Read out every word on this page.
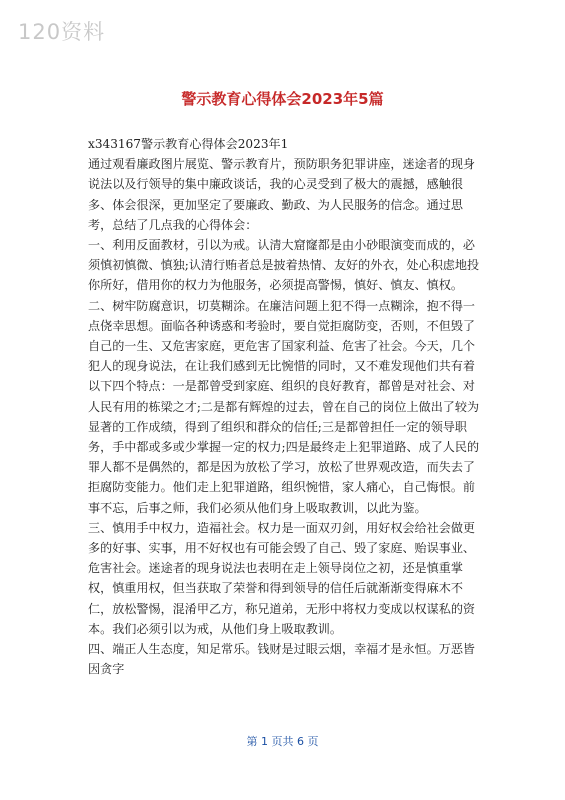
120资料
警示教育心得体会2023年5篇

x343167警示教育心得体会2023年1

通过观看廉政图片展览、警示教育片，预防职务犯罪讲座，迷途者的现身说法以及行领导的集中廉政谈话，我的心灵受到了极大的震撼，感触很多、体会很深，更加坚定了要廉政、勤政、为人民服务的信念。通过思考，总结了几点我的心得体会：

一、利用反面教材，引以为戒。认清大窟窿都是由小砂眼演变而成的，必须慎初慎微、慎独;认清行贿者总是披着热情、友好的外衣，处心积虑地投你所好，借用你的权力为他服务，必须提高警惕，慎好、慎友、慎权。

二、树牢防腐意识，切莫糊涂。在廉洁问题上犯不得一点糊涂，抱不得一点侥幸思想。面临各种诱惑和考验时，要自觉拒腐防变，否则，不但毁了自己的一生、又危害家庭，更危害了国家利益、危害了社会。今天，几个犯人的现身说法，在让我们感到无比惋惜的同时，又不难发现他们共有着以下四个特点：一是都曾受到家庭、组织的良好教育，都曾是对社会、对人民有用的栋梁之才;二是都有辉煌的过去，曾在自己的岗位上做出了较为显著的工作成绩，得到了组织和群众的信任;三是都曾担任一定的领导职务，手中都或多或少掌握一定的权力;四是最终走上犯罪道路、成了人民的罪人都不是偶然的，都是因为放松了学习，放松了世界观改造，而失去了拒腐防变能力。他们走上犯罪道路，组织惋惜，家人痛心，自己悔恨。前事不忘，后事之师，我们必须从他们身上吸取教训，以此为鉴。

三、慎用手中权力，造福社会。权力是一面双刃剑，用好权会给社会做更多的好事、实事，用不好权也有可能会毁了自己、毁了家庭、贻误事业、危害社会。迷途者的现身说法也表明在走上领导岗位之初，还是慎重掌权，慎重用权，但当获取了荣誉和得到领导的信任后就渐渐变得麻木不仁，放松警惕，混淆甲乙方，称兄道弟，无形中将权力变成以权谋私的资本。我们必须引以为戒，从他们身上吸取教训。

四、端正人生态度，知足常乐。钱财是过眼云烟，幸福才是永恒。万恶皆因贪字

第 1 页共 6 页
